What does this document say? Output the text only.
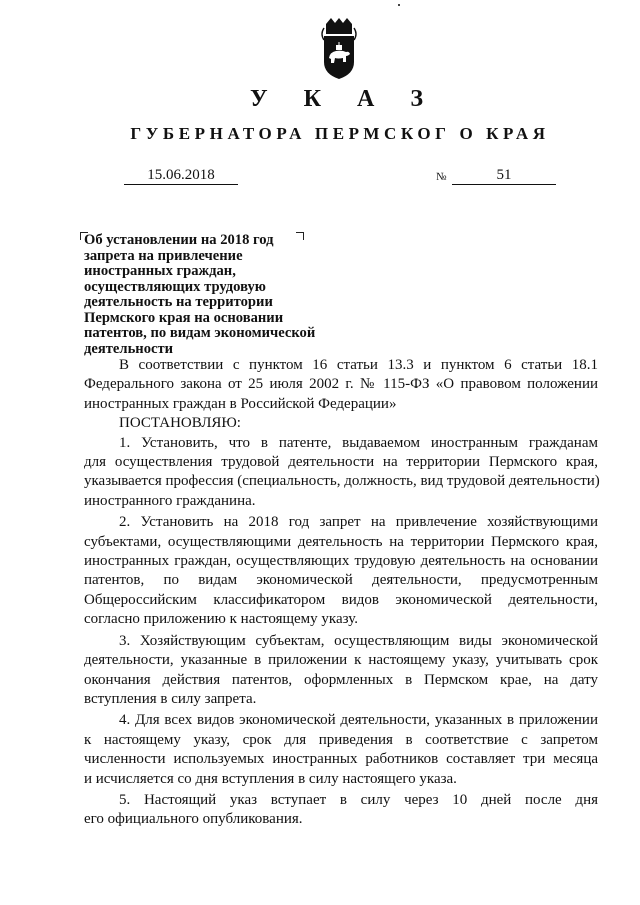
У К А З
ГУБЕРНАТОРА ПЕРМСКОГ О КРАЯ
15.06.2018	№	51
Об установлении на 2018 год
запрета на привлечение
иностранных граждан,
осуществляющих трудовую
деятельность на территории
Пермского края на основании
патентов, по видам экономической
деятельности
В соответствии с пунктом 16 статьи 13.3 и пунктом 6 статьи 18.1
Федерального закона от 25 июля 2002 г. № 115-ФЗ «О правовом положении
иностранных граждан в Российской Федерации»
ПОСТАНОВЛЯЮ:
1. Установить, что в патенте, выдаваемом иностранным гражданам
для осуществления трудовой деятельности на территории Пермского края,
указывается профессия (специальность, должность, вид трудовой деятельности)
иностранного гражданина.
2. Установить на 2018 год запрет на привлечение хозяйствующими
субъектами, осуществляющими деятельность на территории Пермского края,
иностранных граждан, осуществляющих трудовую деятельность на основании
патентов, по видам экономической деятельности, предусмотренным
Общероссийским классификатором видов экономической деятельности,
согласно приложению к настоящему указу.
3. Хозяйствующим субъектам, осуществляющим виды экономической
деятельности, указанные в приложении к настоящему указу, учитывать срок
окончания действия патентов, оформленных в Пермском крае, на дату
вступления в силу запрета.
4. Для всех видов экономической деятельности, указанных в приложении
к настоящему указу, срок для приведения в соответствие с запретом
численности используемых иностранных работников составляет три месяца
и исчисляется со дня вступления в силу настоящего указа.
5. Настоящий указ вступает в силу через 10 дней после дня
его официального опубликования.
